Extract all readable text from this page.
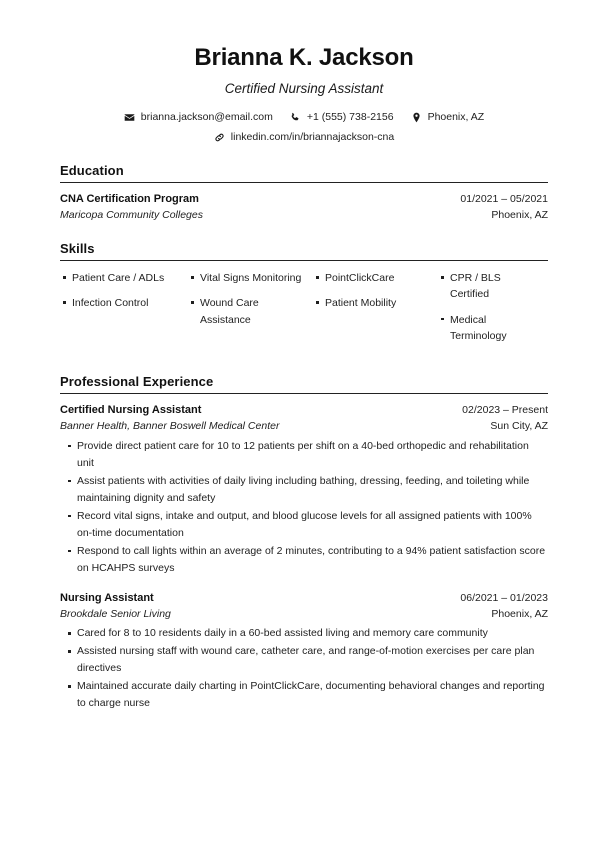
Brianna K. Jackson
Certified Nursing Assistant
brianna.jackson@email.com	+1 (555) 738-2156	Phoenix, AZ
linkedin.com/in/briannajackson-cna
Education
CNA Certification Program	01/2021 – 05/2021
Maricopa Community Colleges	Phoenix, AZ
Skills
Patient Care / ADLs
Infection Control
Vital Signs Monitoring
Wound Care Assistance
PointClickCare
Patient Mobility
CPR / BLS Certified
Medical Terminology
Professional Experience
Certified Nursing Assistant	02/2023 – Present
Banner Health, Banner Boswell Medical Center	Sun City, AZ
Provide direct patient care for 10 to 12 patients per shift on a 40-bed orthopedic and rehabilitation unit
Assist patients with activities of daily living including bathing, dressing, feeding, and toileting while maintaining dignity and safety
Record vital signs, intake and output, and blood glucose levels for all assigned patients with 100% on-time documentation
Respond to call lights within an average of 2 minutes, contributing to a 94% patient satisfaction score on HCAHPS surveys
Nursing Assistant	06/2021 – 01/2023
Brookdale Senior Living	Phoenix, AZ
Cared for 8 to 10 residents daily in a 60-bed assisted living and memory care community
Assisted nursing staff with wound care, catheter care, and range-of-motion exercises per care plan directives
Maintained accurate daily charting in PointClickCare, documenting behavioral changes and reporting to charge nurse
